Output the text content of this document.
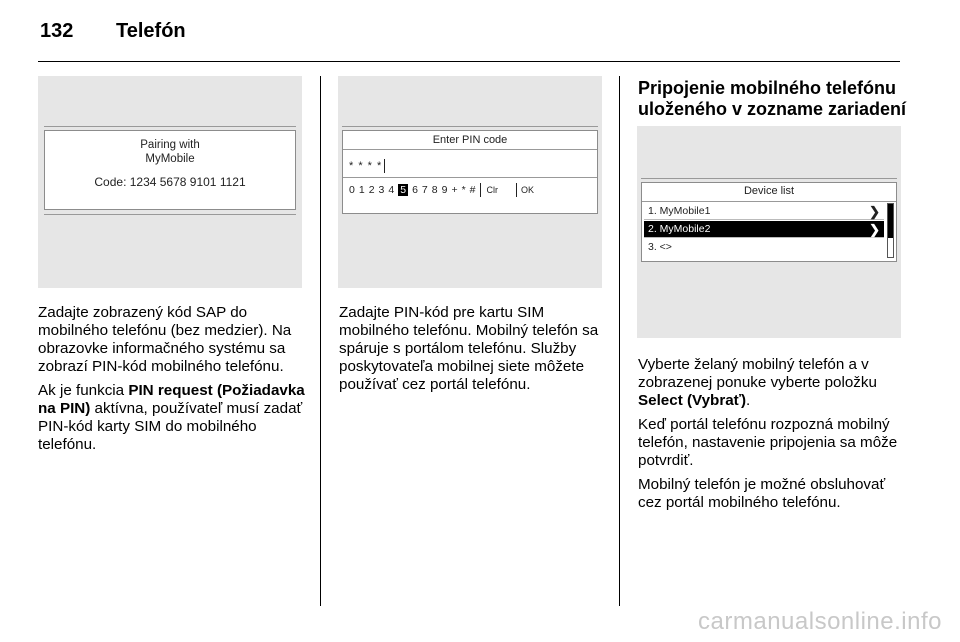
132 Telefón
Pairing with
MyMobile
Code: 1234 5678 9101 1121

Zadajte zobrazený kód SAP do mobilného telefónu (bez medzier). Na obrazovke informačného systému sa zobrazí PIN-kód mobilného telefónu.

Ak je funkcia PIN request (Požiadavka na PIN) aktívna, používateľ musí zadať PIN-kód karty SIM do mobilného telefónu.

Enter PIN code
* * * *
0 1 2 3 4 5 6 7 8 9 + * # Clr	OK

Zadajte PIN-kód pre kartu SIM mobilného telefónu. Mobilný telefón sa spáruje s portálom telefónu. Služby poskytovateľa mobilnej siete môžete používať cez portál telefónu.

Pripojenie mobilného telefónu uloženého v zozname zariadení
Device list
1. MyMobile1	❯
2. MyMobile2	❯
3. <>

Vyberte želaný mobilný telefón a v zobrazenej ponuke vyberte položku Select (Vybrať).

Keď portál telefónu rozpozná mobilný telefón, nastavenie pripojenia sa môže potvrdiť.

Mobilný telefón je možné obsluhovať cez portál mobilného telefónu.

carmanualsonline.info
